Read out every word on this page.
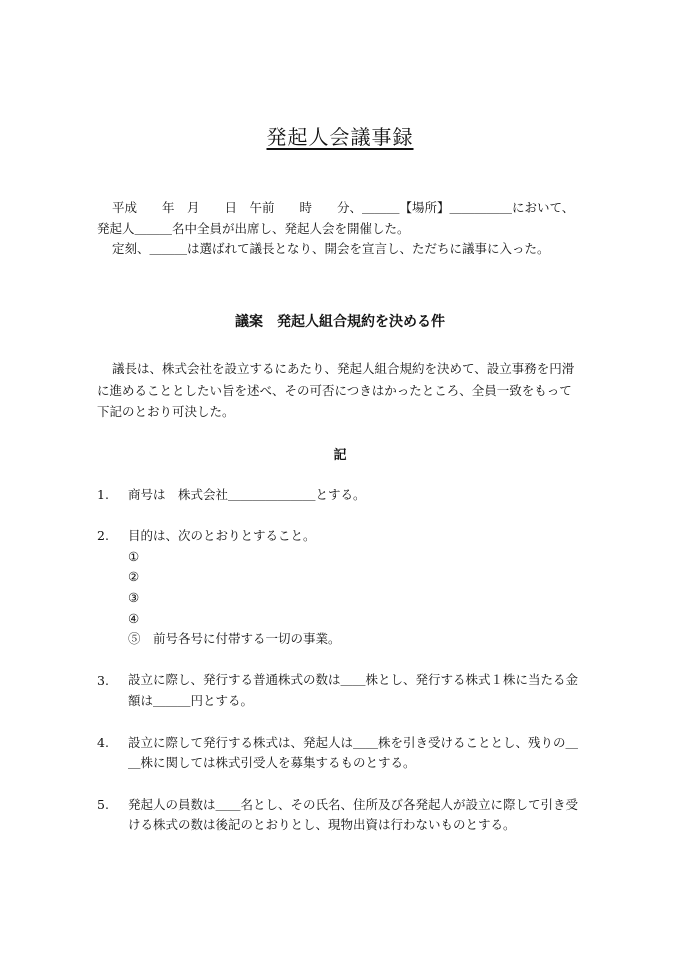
発起人会議事録
平成　　年　月　　日　午前　　時　　分、＿＿＿【場所】＿＿＿＿＿において、
発起人＿＿＿名中全員が出席し、発起人会を開催した。
定刻、＿＿＿は選ばれて議長となり、開会を宣言し、ただちに議事に入った。
議案　発起人組合規約を決める件
議長は、株式会社を設立するにあたり、発起人組合規約を決めて、設立事務を円滑
に進めることとしたい旨を述べ、その可否につきはかったところ、全員一致をもって
下記のとおり可決した。
記
1. 商号は　株式会社＿＿＿＿＿＿＿とする。
2. 目的は、次のとおりとすること。
①
②
③
④
⑤　前号各号に付帯する一切の事業。
3. 設立に際し、発行する普通株式の数は＿＿株とし、発行する株式１株に当たる金
額は＿＿＿円とする。
4. 設立に際して発行する株式は、発起人は＿＿株を引き受けることとし、残りの＿
＿株に関しては株式引受人を募集するものとする。
5. 発起人の員数は＿＿名とし、その氏名、住所及び各発起人が設立に際して引き受
ける株式の数は後記のとおりとし、現物出資は行わないものとする。
